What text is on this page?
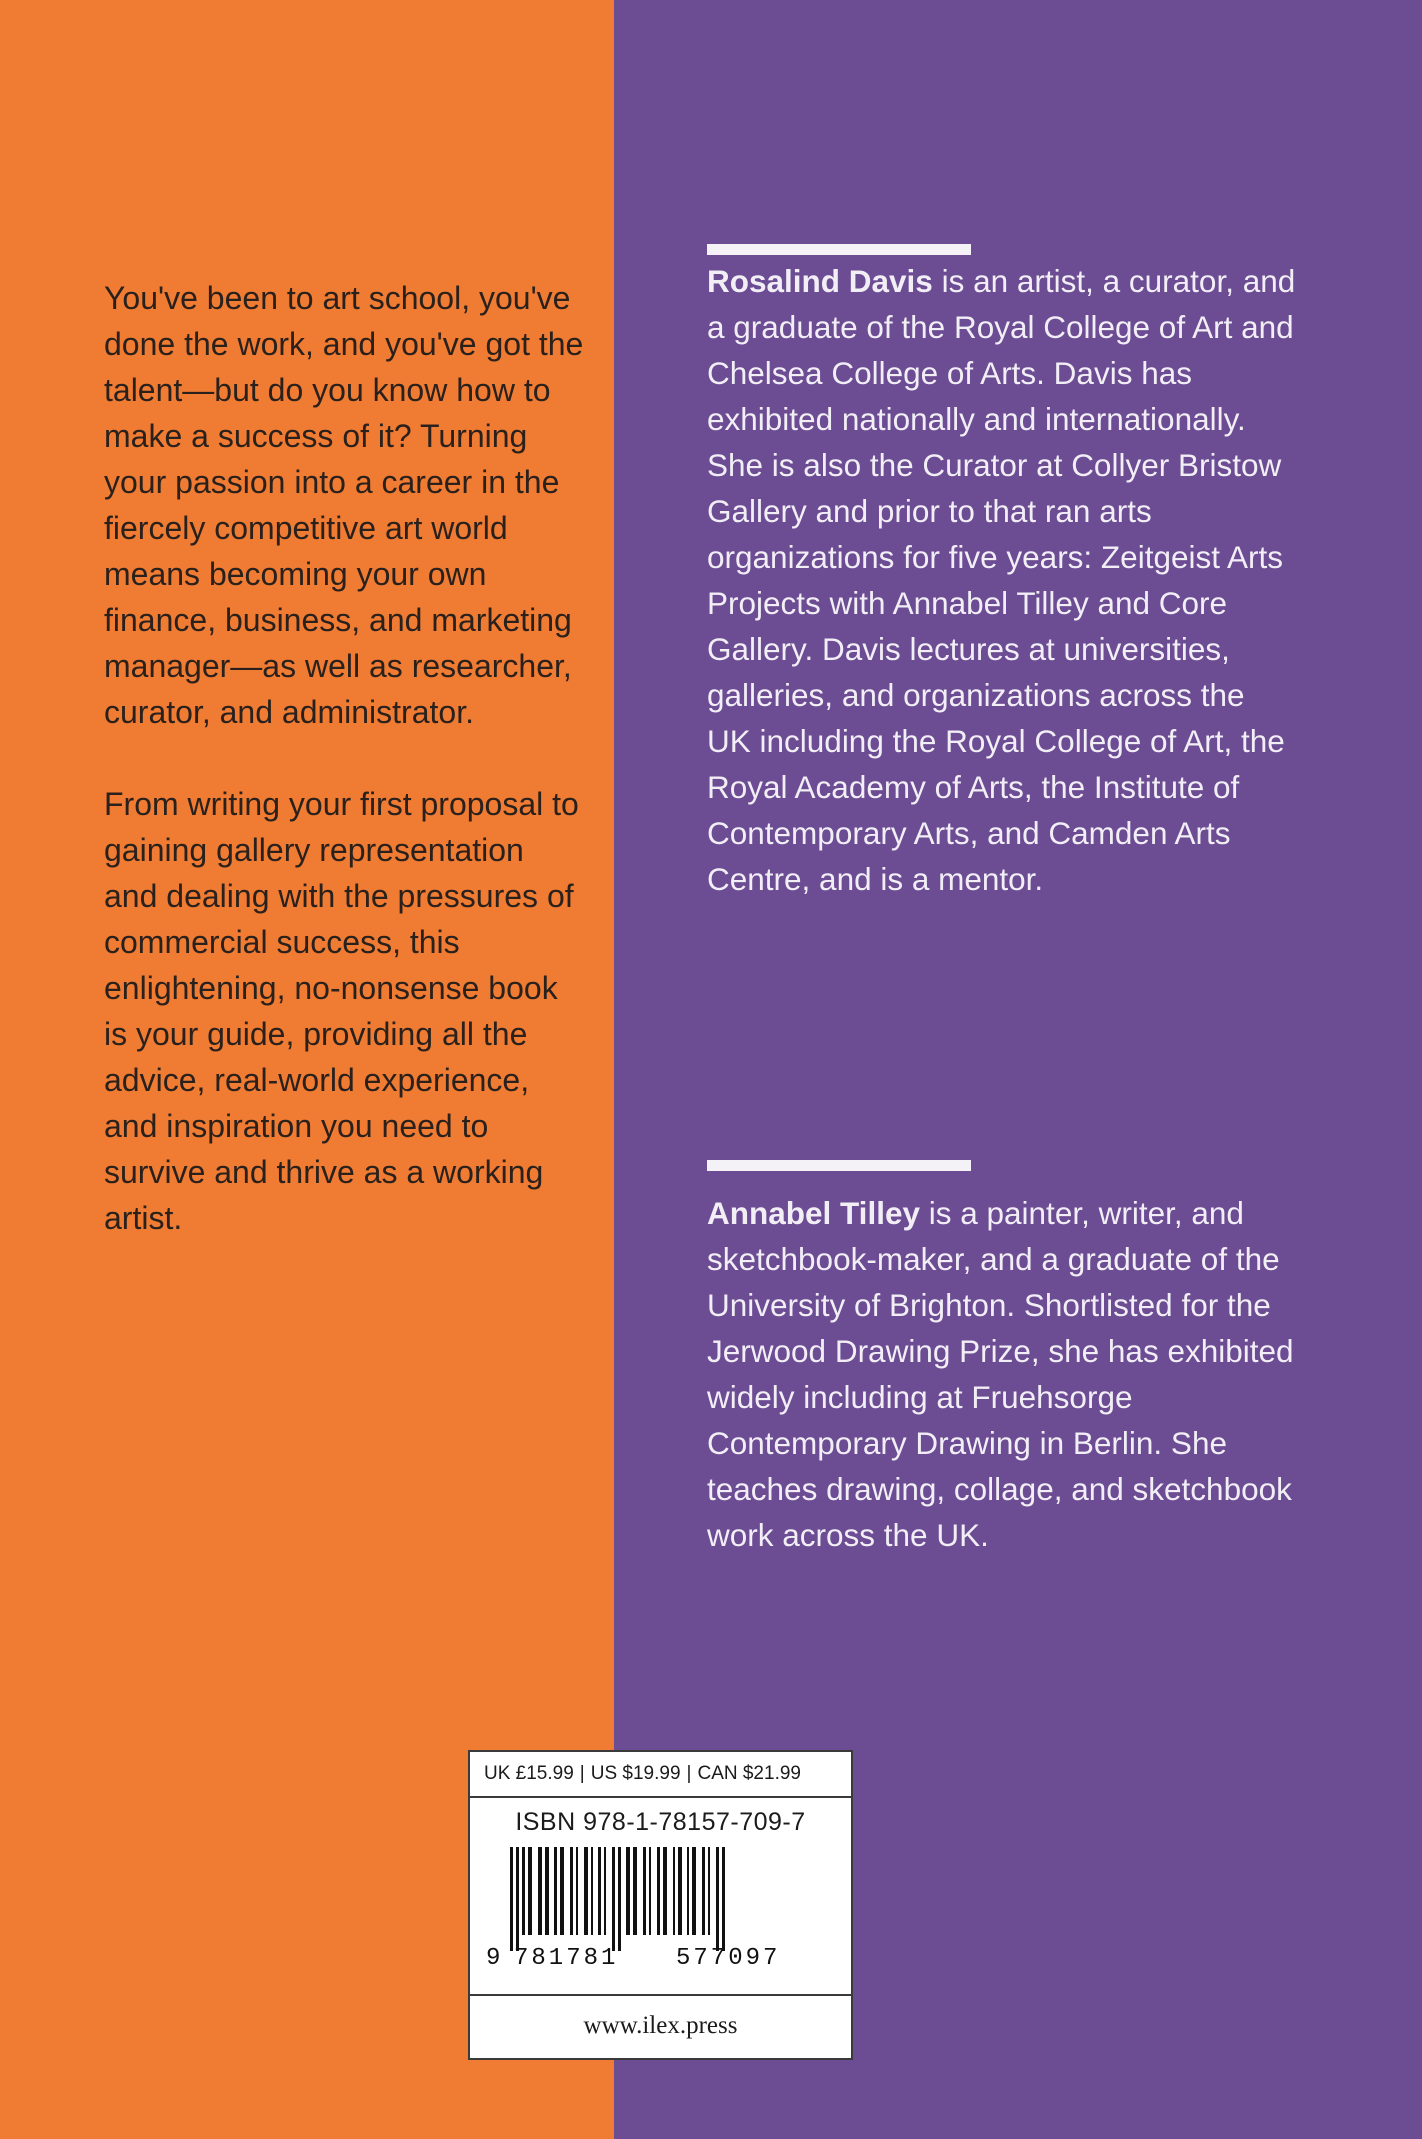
You've been to art school, you've done the work, and you've got the talent—but do you know how to make a success of it? Turning your passion into a career in the fiercely competitive art world means becoming your own finance, business, and marketing manager—as well as researcher, curator, and administrator.

From writing your first proposal to gaining gallery representation and dealing with the pressures of commercial success, this enlightening, no-nonsense book is your guide, providing all the advice, real-world experience, and inspiration you need to survive and thrive as a working artist.

Rosalind Davis is an artist, a curator, and a graduate of the Royal College of Art and Chelsea College of Arts. Davis has exhibited nationally and internationally. She is also the Curator at Collyer Bristow Gallery and prior to that ran arts organizations for five years: Zeitgeist Arts Projects with Annabel Tilley and Core Gallery. Davis lectures at universities, galleries, and organizations across the UK including the Royal College of Art, the Royal Academy of Arts, the Institute of Contemporary Arts, and Camden Arts Centre, and is a mentor.
Annabel Tilley is a painter, writer, and sketchbook-maker, and a graduate of the University of Brighton. Shortlisted for the Jerwood Drawing Prize, she has exhibited widely including at Fruehsorge Contemporary Drawing in Berlin. She teaches drawing, collage, and sketchbook work across the UK.
UK £15.99 | US $19.99 | CAN $21.99
ISBN 978-1-78157-709-7
9 781781 577097
www.ilex.press
